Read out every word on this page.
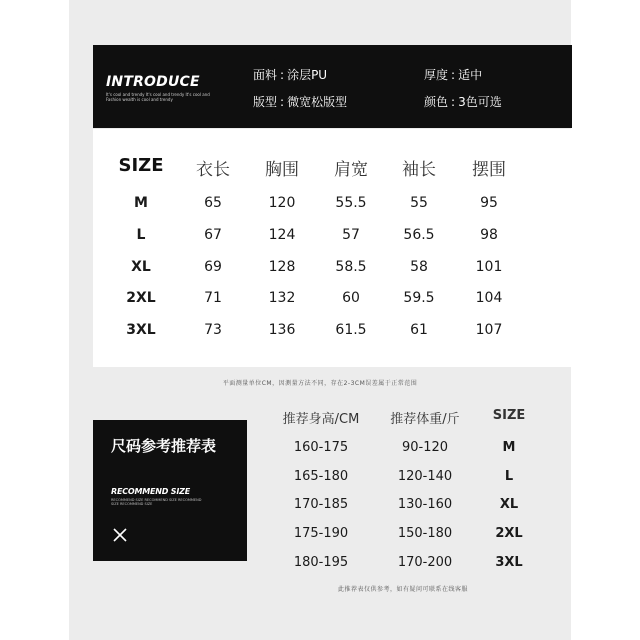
INTRODUCE
It's cool and trendy It's cool and trendy It's cool and Fashion wealth is cool and trendy
面料 : 涂层PU
版型 : 微宽松版型
厚度 : 适中
颜色 : 3色可选
SIZE 衣长 胸围 肩宽 袖长 摆围
M	65	120	55.5	55	95
L	67	124	57	56.5	98
XL	69	128	58.5	58	101
2XL	71	132	60	59.5	104
3XL	73	136	61.5	61	107
平面测量单位CM，因测量方法不同，存在2-3CM误差属于正常范围
尺码参考推荐表
RECOMMEND SIZE
RECOMMEND SIZE RECOMMEND SIZE RECOMMEND SIZE RECOMMEND SIZE
推荐身高/CM 推荐体重/斤	SIZE
160-175	90-120	M
165-180	120-140	L
170-185	130-160	XL
175-190	150-180	2XL
180-195	170-200	3XL
此推荐表仅供参考，如有疑问可联系在线客服
